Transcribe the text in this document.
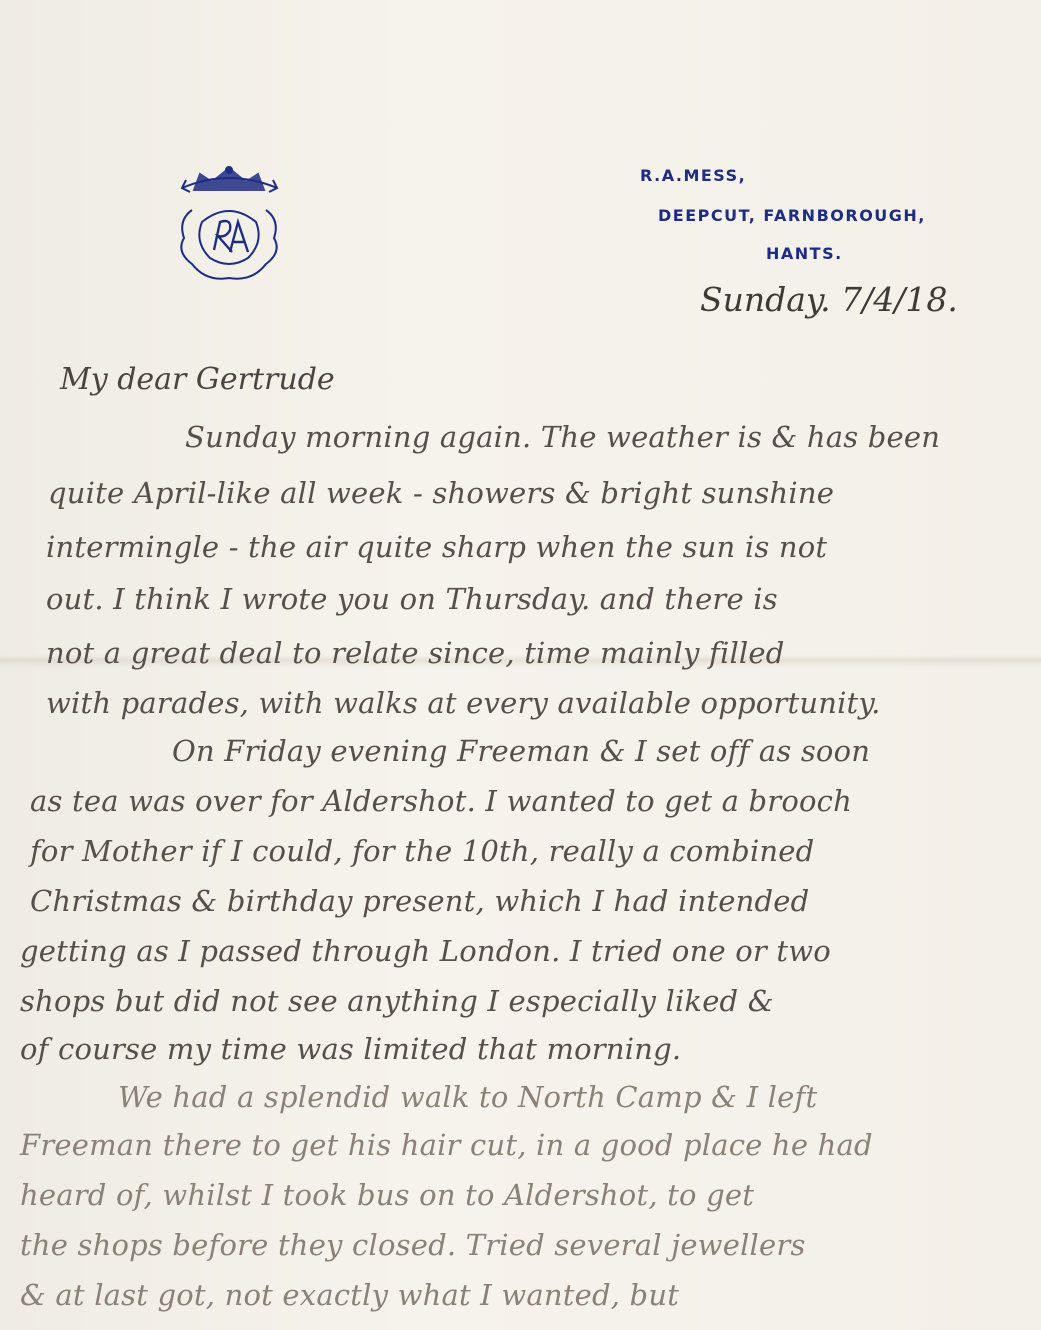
R.A.MESS,
DEEPCUT, FARNBOROUGH,
HANTS.
Sunday. 7/4/18.
My dear Gertrude
Sunday morning again. The weather is & has been
quite April-like all week - showers & bright sunshine
intermingle - the air quite sharp when the sun is not
out. I think I wrote you on Thursday. and there is
not a great deal to relate since, time mainly filled
with parades, with walks at every available opportunity.
On Friday evening Freeman & I set off as soon
as tea was over for Aldershot. I wanted to get a brooch
for Mother if I could, for the 10th, really a combined
Christmas & birthday present, which I had intended
getting as I passed through London. I tried one or two
shops but did not see anything I especially liked &
of course my time was limited that morning.
We had a splendid walk to North Camp & I left
Freeman there to get his hair cut, in a good place he had
heard of, whilst I took bus on to Aldershot, to get
the shops before they closed. Tried several jewellers
& at last got, not exactly what I wanted, but
